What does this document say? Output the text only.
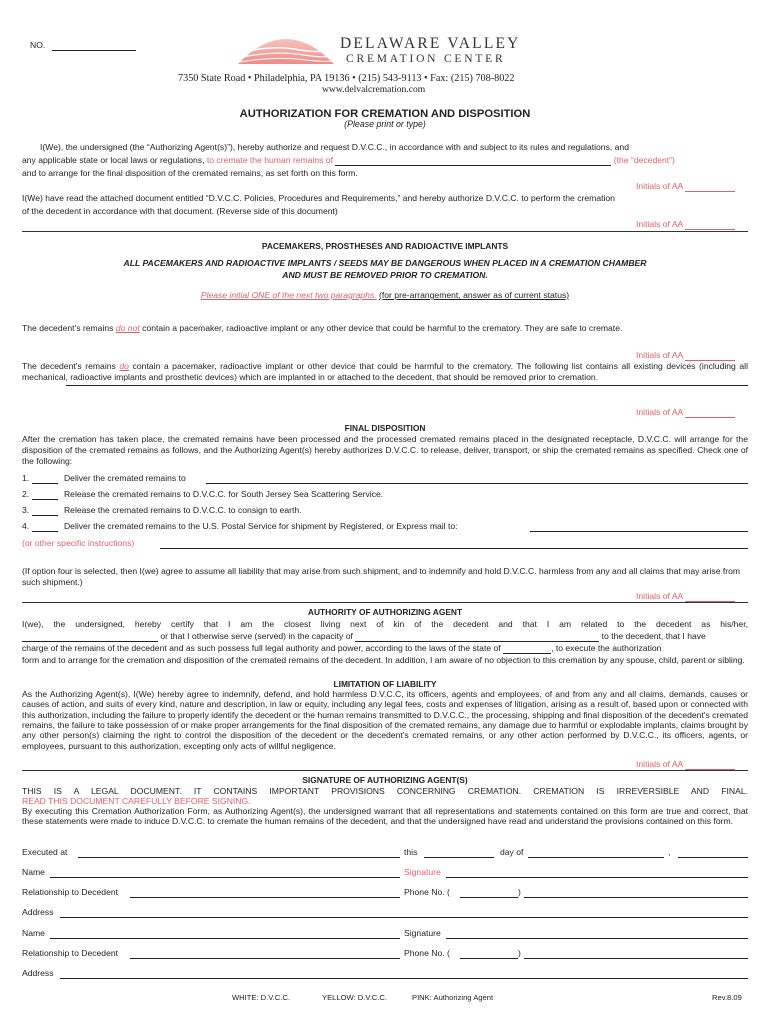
NO.	DELAWARE VALLEY
CREMATION CENTER
7350 State Road • Philadelphia, PA 19136 • (215) 543-9113 • Fax: (215) 708-8022
www.delvalcremation.com
AUTHORIZATION FOR CREMATION AND DISPOSITION
(Please print or type)
I(We), the undersigned (the “Authorizing Agent(s)”), hereby authorize and request D.V.C.C., in accordance with and subject to its rules and regulations, and
any applicable state or local laws or regulations, to cremate the human remains of	(the “decedent”)
and to arrange for the final disposition of the cremated remains, as set forth on this form.
Initials of AA
I(We) have read the attached document entitled “D.V.C.C. Policies, Procedures and Requirements,” and hereby authorize D.V.C.C. to perform the cremation
of the decedent in accordance with that document. (Reverse side of this document)
Initials of AA
PACEMAKERS, PROSTHESES AND RADIOACTIVE IMPLANTS
ALL PACEMAKERS AND RADIOACTIVE IMPLANTS / SEEDS MAY BE DANGEROUS WHEN PLACED IN A CREMATION CHAMBER
AND MUST BE REMOVED PRIOR TO CREMATION.
Please initial ONE of the next two paragraphs. (for pre-arrangement, answer as of current status)
The decedent's remains do not contain a pacemaker, radioactive implant or any other device that could be harmful to the crematory. They are safe to cremate.
Initials of AA
The decedent's remains do contain a pacemaker, radioactive implant or other device that could be harmful to the crematory. The following list contains all existing devices (including all mechanical, radioactive implants and prosthetic devices) which are implanted in or attached to the decedent, that should be removed prior to cremation.
Initials of AA
FINAL DISPOSITION
After the cremation has taken place, the cremated remains have been processed and the processed cremated remains placed in the designated receptacle, D.V.C.C. will arrange for the disposition of the cremated remains as follows, and the Authorizing Agent(s) hereby authorizes D.V.C.C. to release, deliver, transport, or ship the cremated remains as specified. Check one of the following:
1.	Deliver the cremated remains to
2.	Release the cremated remains to D.V.C.C. for South Jersey Sea Scattering Service.
3.	Release the cremated remains to D.V.C.C. to consign to earth.
4.	Deliver the cremated remains to the U.S. Postal Service for shipment by Registered, or Express mail to:
(or other specific instructions)
(If option four is selected, then I(we) agree to assume all liability that may arise from such shipment, and to indemnify and hold D.V.C.C. harmless from any and all claims that may arise from such shipment.)
Initials of AA
AUTHORITY OF AUTHORIZING AGENT
I(we), the undersigned, hereby certify that I am the closest living next of kin of the decedent and that I am related to the decedent as his/her,
or that I otherwise serve (served) in the capacity of	to the decedent, that I have
charge of the remains of the decedent and as such possess full legal authority and power, according to the laws of the state of	, to execute the authorization
form and to arrange for the cremation and disposition of the cremated remains of the decedent. In addition, I am aware of no objection to this cremation by any spouse, child, parent or sibling.
LIMITATION OF LIABILITY
As the Authorizing Agent(s), I(We) hereby agree to indemnify, defend, and hold harmless D.V.C.C, its officers, agents and employees, of and from any and all claims, demands, causes or causes of action, and suits of every kind, nature and description, in law or equity, including any legal fees, costs and expenses of litigation, arising as a result of, based upon or connected with this authorization, including the failure to properly identify the decedent or the human remains transmitted to D.V.C.C., the processing, shipping and final disposition of the decedent's cremated remains, the failure to take possession of or make proper arrangements for the final disposition of the cremated remains, any damage due to harmful or explodable implants, claims brought by any other person(s) claiming the right to control the disposition of the decedent or the decedent's cremated remains, or any other action performed by D.V.C.C., its officers, agents, or employees, pursuant to this authorization, excepting only acts of willful negligence.
Initials of AA
SIGNATURE OF AUTHORIZING AGENT(S)
THIS IS A LEGAL DOCUMENT. IT CONTAINS IMPORTANT PROVISIONS CONCERNING CREMATION. CREMATION IS IRREVERSIBLE AND FINAL.
READ THIS DOCUMENT CAREFULLY BEFORE SIGNING.
By executing this Cremation Authorization Form, as Authorizing Agent(s), the undersigned warrant that all representations and statements contained on this form are true and correct, that these statements were made to induce D.V.C.C. to cremate the human remains of the decedent, and that the undersigned have read and understand the provisions contained on this form.
Executed at	this	day of	,
Name	Signature
Relationship to Decedent	Phone No. (	)
Address
Name	Signature
Relationship to Decedent	Phone No. (	)
Address
WHITE: D.V.C.C.	YELLOW: D.V.C.C.	PINK: Authorizing Agent	Rev.8.09
